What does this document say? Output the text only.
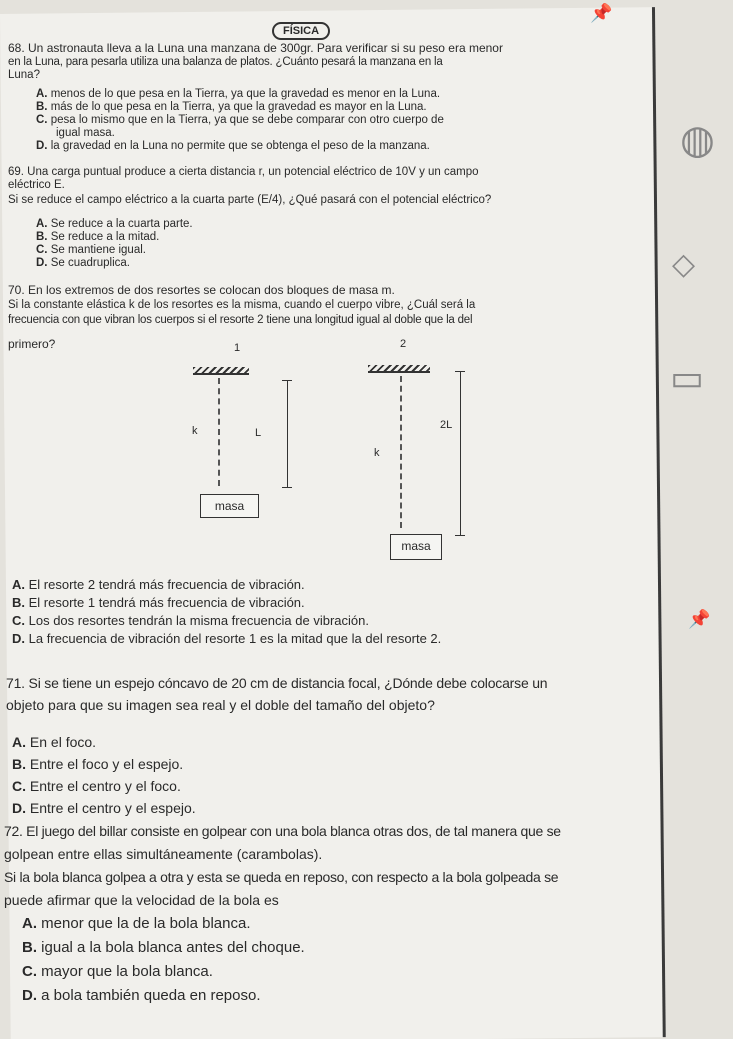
FÍSICA
68. Un astronauta lleva a la Luna una manzana de 300gr. Para verificar si su peso era menor
en la Luna, para pesarla utiliza una balanza de platos. ¿Cuánto pesará la manzana en la
Luna?
A. menos de lo que pesa en la Tierra, ya que la gravedad es menor en la Luna.
B. más de lo que pesa en la Tierra, ya que la gravedad es mayor en la Luna.
C. pesa lo mismo que en la Tierra, ya que se debe comparar con otro cuerpo de
igual masa.
D. la gravedad en la Luna no permite que se obtenga el peso de la manzana.
69. Una carga puntual produce a cierta distancia r, un potencial eléctrico de 10V y un campo
eléctrico E.
Si se reduce el campo eléctrico a la cuarta parte (E/4), ¿Qué pasará con el potencial eléctrico?
A. Se reduce a la cuarta parte.
B. Se reduce a la mitad.
C. Se mantiene igual.
D. Se cuadruplica.
70. En los extremos de dos resortes se colocan dos bloques de masa m.
Si la constante elástica k de los resortes es la misma, cuando el cuerpo vibre, ¿Cuál será la
frecuencia con que vibran los cuerpos si el resorte 2 tiene una longitud igual al doble que la del
primero?	1
k	L
masa
2
k
2L
masa
A. El resorte 2 tendrá más frecuencia de vibración.
B. El resorte 1 tendrá más frecuencia de vibración.
C. Los dos resortes tendrán la misma frecuencia de vibración.
D. La frecuencia de vibración del resorte 1 es la mitad que la del resorte 2.
71. Si se tiene un espejo cóncavo de 20 cm de distancia focal, ¿Dónde debe colocarse un
objeto para que su imagen sea real y el doble del tamaño del objeto?
A. En el foco.
B. Entre el foco y el espejo.
C. Entre el centro y el foco.
D. Entre el centro y el espejo.
72. El juego del billar consiste en golpear con una bola blanca otras dos, de tal manera que se
golpean entre ellas simultáneamente (carambolas).
Si la bola blanca golpea a otra y esta se queda en reposo, con respecto a la bola golpeada se
puede afirmar que la velocidad de la bola es
A. menor que la de la bola blanca.
B. igual a la bola blanca antes del choque.
C. mayor que la bola blanca.
D. a bola también queda en reposo.
📌
◍
◇
▭
📌
